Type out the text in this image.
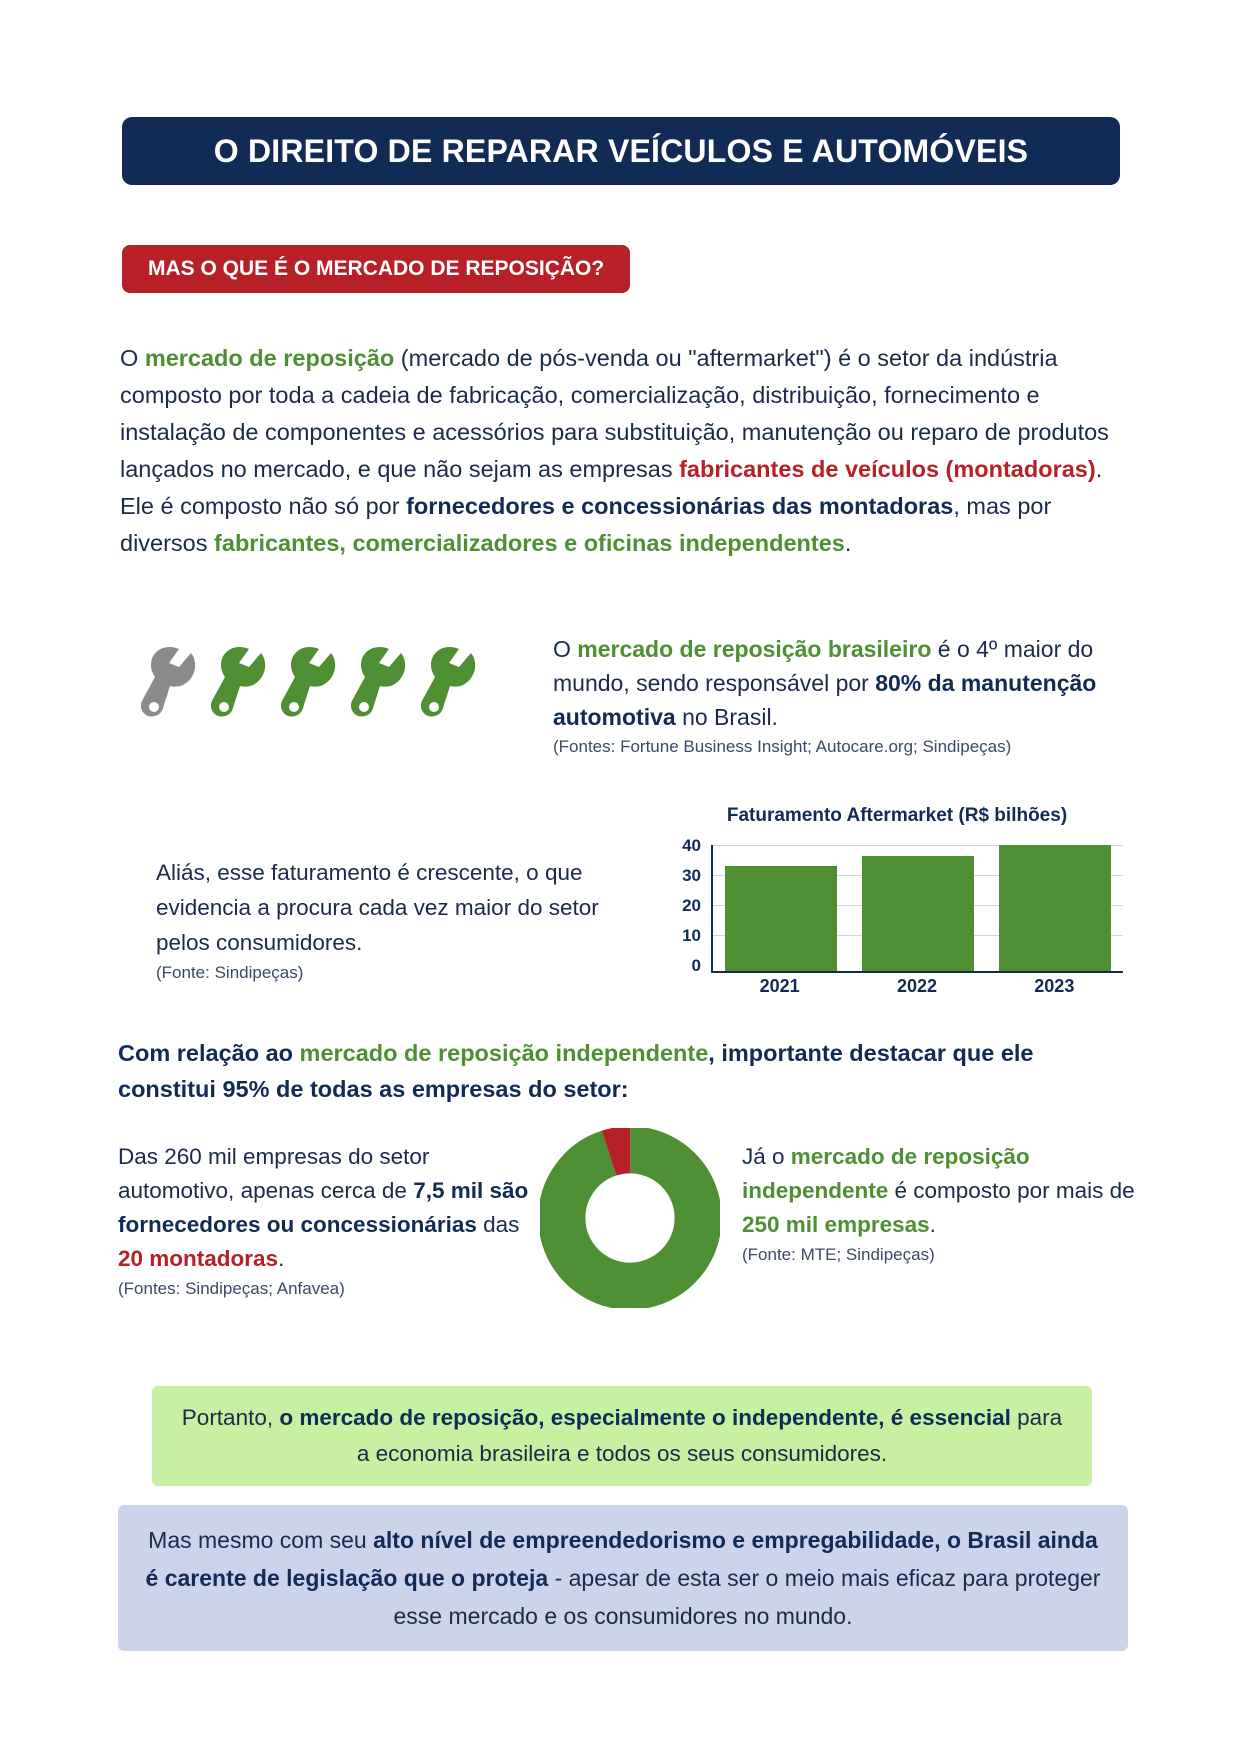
O DIREITO DE REPARAR VEÍCULOS E AUTOMÓVEIS
MAS O QUE É O MERCADO DE REPOSIÇÃO?
O mercado de reposição (mercado de pós-venda ou "aftermarket") é o setor da indústria composto por toda a cadeia de fabricação, comercialização, distribuição, fornecimento e instalação de componentes e acessórios para substituição, manutenção ou reparo de produtos lançados no mercado, e que não sejam as empresas fabricantes de veículos (montadoras). Ele é composto não só por fornecedores e concessionárias das montadoras, mas por diversos fabricantes, comercializadores e oficinas independentes.
O mercado de reposição brasileiro é o 4º maior do mundo, sendo responsável por 80% da manutenção automotiva no Brasil.
(Fontes: Fortune Business Insight; Autocare.org; Sindipeças)
Aliás, esse faturamento é crescente, o que evidencia a procura cada vez maior do setor pelos consumidores.
(Fonte: Sindipeças)
Faturamento Aftermarket (R$ bilhões)
40
30
20
10
0
2021	2022	2023
Com relação ao mercado de reposição independente, importante destacar que ele constitui 95% de todas as empresas do setor:
Das 260 mil empresas do setor automotivo, apenas cerca de 7,5 mil são fornecedores ou concessionárias das 20 montadoras.
(Fontes: Sindipeças; Anfavea)
Já o mercado de reposição independente é composto por mais de 250 mil empresas.
(Fonte: MTE; Sindipeças)
Portanto, o mercado de reposição, especialmente o independente, é essencial para a economia brasileira e todos os seus consumidores.
Mas mesmo com seu alto nível de empreendedorismo e empregabilidade, o Brasil ainda é carente de legislação que o proteja - apesar de esta ser o meio mais eficaz para proteger esse mercado e os consumidores no mundo.
